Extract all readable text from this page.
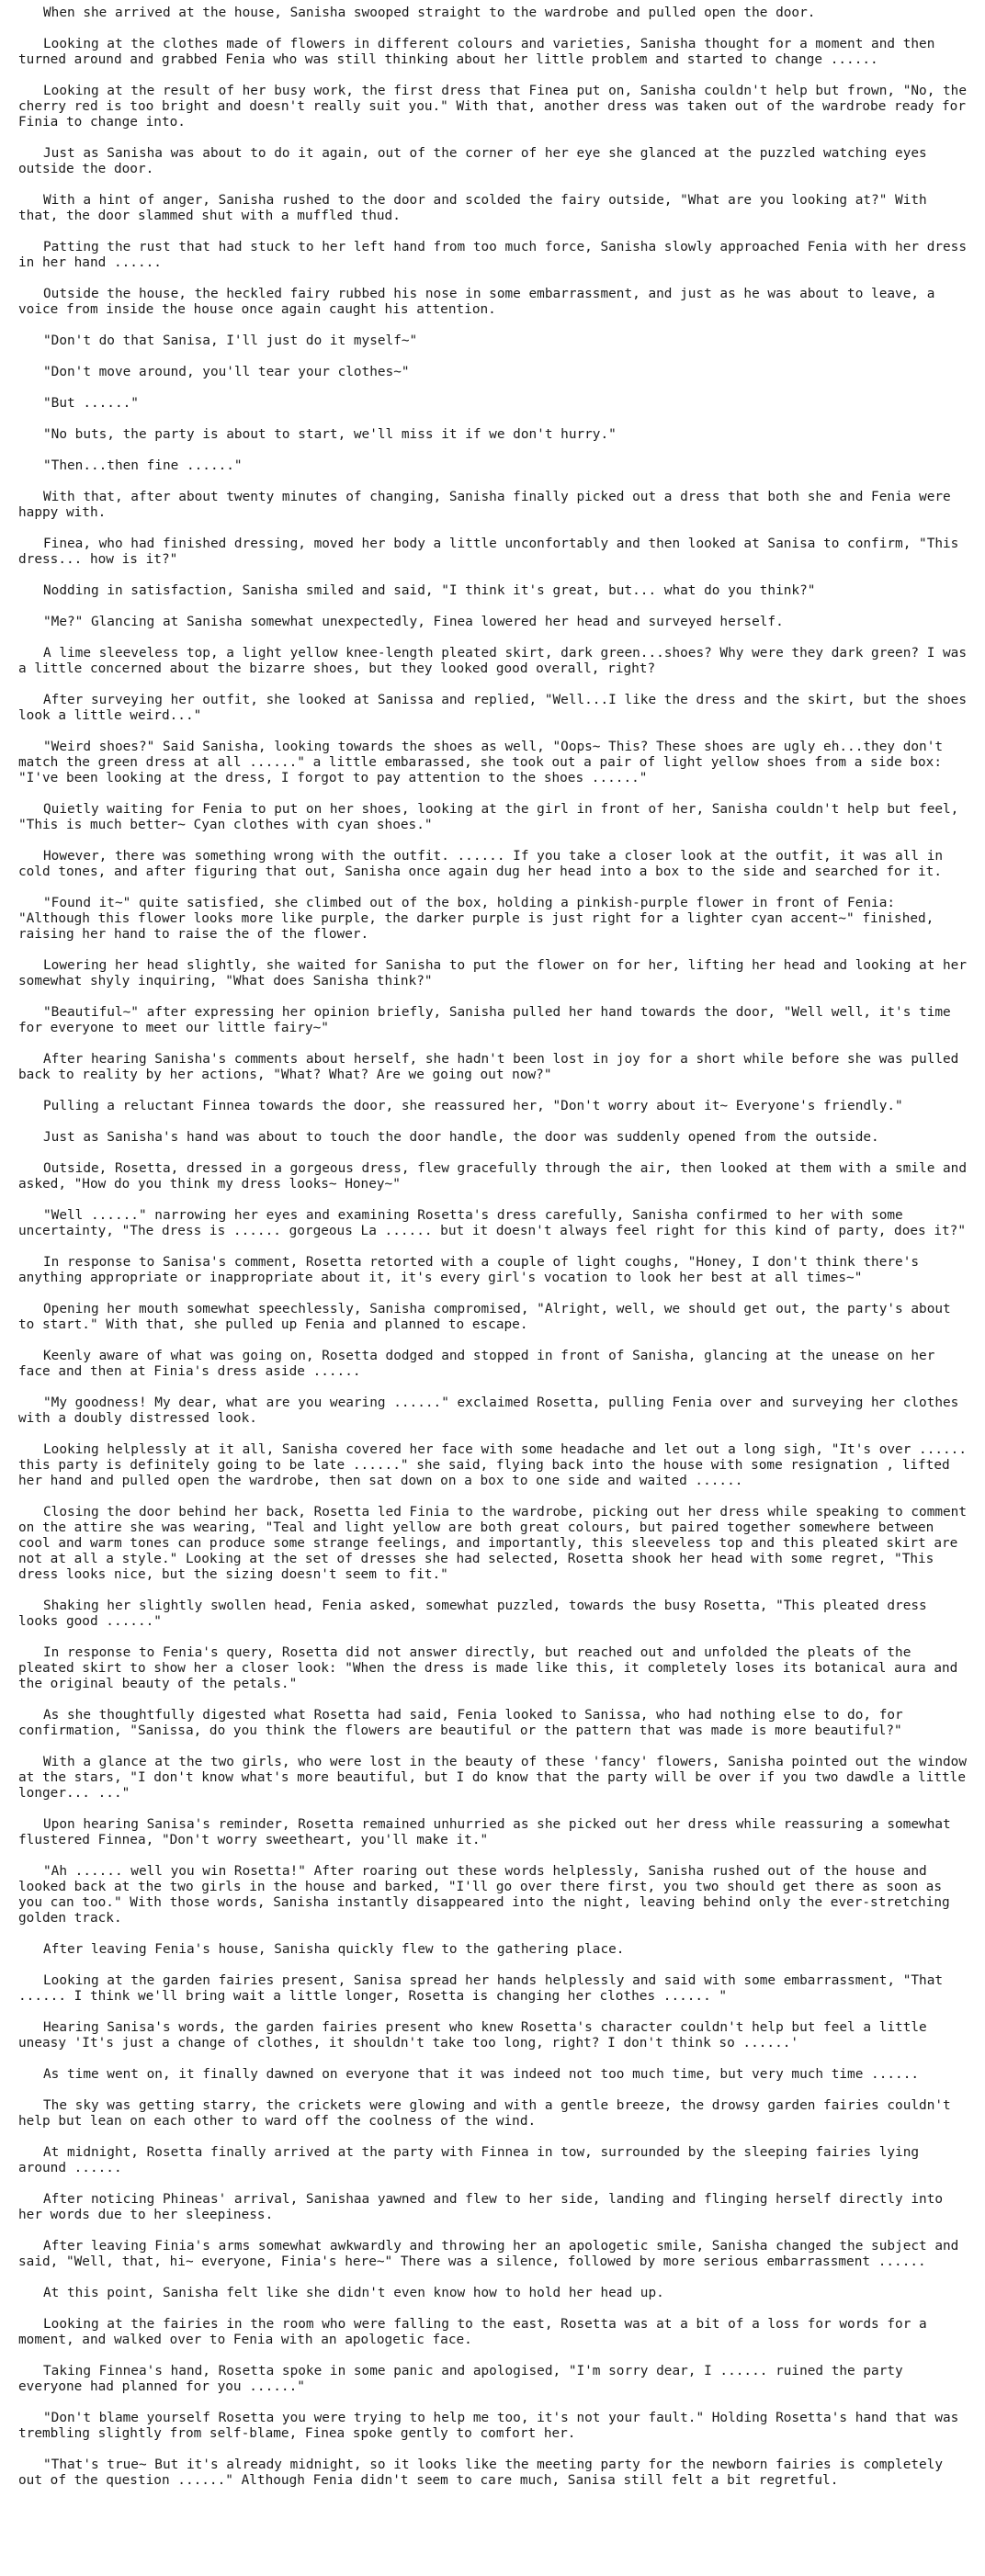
When she arrived at the house, Sanisha swooped straight to the wardrobe and pulled open the door.

Looking at the clothes made of flowers in different colours and varieties, Sanisha thought for a moment and then turned around and grabbed Fenia who was still thinking about her little problem and started to change ......

Looking at the result of her busy work, the first dress that Finea put on, Sanisha couldn't help but frown, "No, the cherry red is too bright and doesn't really suit you." With that, another dress was taken out of the wardrobe ready for Finia to change into.

Just as Sanisha was about to do it again, out of the corner of her eye she glanced at the puzzled watching eyes outside the door.

With a hint of anger, Sanisha rushed to the door and scolded the fairy outside, "What are you looking at?" With that, the door slammed shut with a muffled thud.

Patting the rust that had stuck to her left hand from too much force, Sanisha slowly approached Fenia with her dress in her hand ......

Outside the house, the heckled fairy rubbed his nose in some embarrassment, and just as he was about to leave, a voice from inside the house once again caught his attention.

"Don't do that Sanisa, I'll just do it myself~"

"Don't move around, you'll tear your clothes~"

"But ......"

"No buts, the party is about to start, we'll miss it if we don't hurry."

"Then...then fine ......"

With that, after about twenty minutes of changing, Sanisha finally picked out a dress that both she and Fenia were happy with.

Finea, who had finished dressing, moved her body a little unconfortably and then looked at Sanisa to confirm, "This dress... how is it?"

Nodding in satisfaction, Sanisha smiled and said, "I think it's great, but... what do you think?"

"Me?" Glancing at Sanisha somewhat unexpectedly, Finea lowered her head and surveyed herself.

A lime sleeveless top, a light yellow knee-length pleated skirt, dark green...shoes? Why were they dark green? I was a little concerned about the bizarre shoes, but they looked good overall, right?

After surveying her outfit, she looked at Sanissa and replied, "Well...I like the dress and the skirt, but the shoes look a little weird..."

"Weird shoes?" Said Sanisha, looking towards the shoes as well, "Oops~ This? These shoes are ugly eh...they don't match the green dress at all ......" a little embarassed, she took out a pair of light yellow shoes from a side box: "I've been looking at the dress, I forgot to pay attention to the shoes ......"

Quietly waiting for Fenia to put on her shoes, looking at the girl in front of her, Sanisha couldn't help but feel, "This is much better~ Cyan clothes with cyan shoes."

However, there was something wrong with the outfit. ...... If you take a closer look at the outfit, it was all in cold tones, and after figuring that out, Sanisha once again dug her head into a box to the side and searched for it.

"Found it~" quite satisfied, she climbed out of the box, holding a pinkish-purple flower in front of Fenia: "Although this flower looks more like purple, the darker purple is just right for a lighter cyan accent~" finished, raising her hand to raise the of the flower.

Lowering her head slightly, she waited for Sanisha to put the flower on for her, lifting her head and looking at her somewhat shyly inquiring, "What does Sanisha think?"

"Beautiful~" after expressing her opinion briefly, Sanisha pulled her hand towards the door, "Well well, it's time for everyone to meet our little fairy~"

After hearing Sanisha's comments about herself, she hadn't been lost in joy for a short while before she was pulled back to reality by her actions, "What? What? Are we going out now?"

Pulling a reluctant Finnea towards the door, she reassured her, "Don't worry about it~ Everyone's friendly."

Just as Sanisha's hand was about to touch the door handle, the door was suddenly opened from the outside.

Outside, Rosetta, dressed in a gorgeous dress, flew gracefully through the air, then looked at them with a smile and asked, "How do you think my dress looks~ Honey~"

"Well ......" narrowing her eyes and examining Rosetta's dress carefully, Sanisha confirmed to her with some uncertainty, "The dress is ...... gorgeous La ...... but it doesn't always feel right for this kind of party, does it?"

In response to Sanisa's comment, Rosetta retorted with a couple of light coughs, "Honey, I don't think there's anything appropriate or inappropriate about it, it's every girl's vocation to look her best at all times~"

Opening her mouth somewhat speechlessly, Sanisha compromised, "Alright, well, we should get out, the party's about to start." With that, she pulled up Fenia and planned to escape.

Keenly aware of what was going on, Rosetta dodged and stopped in front of Sanisha, glancing at the unease on her face and then at Finia's dress aside ......

"My goodness! My dear, what are you wearing ......" exclaimed Rosetta, pulling Fenia over and surveying her clothes with a doubly distressed look.

Looking helplessly at it all, Sanisha covered her face with some headache and let out a long sigh, "It's over ...... this party is definitely going to be late ......" she said, flying back into the house with some resignation , lifted her hand and pulled open the wardrobe, then sat down on a box to one side and waited ......

Closing the door behind her back, Rosetta led Finia to the wardrobe, picking out her dress while speaking to comment on the attire she was wearing, "Teal and light yellow are both great colours, but paired together somewhere between cool and warm tones can produce some strange feelings, and importantly, this sleeveless top and this pleated skirt are not at all a style." Looking at the set of dresses she had selected, Rosetta shook her head with some regret, "This dress looks nice, but the sizing doesn't seem to fit."

Shaking her slightly swollen head, Fenia asked, somewhat puzzled, towards the busy Rosetta, "This pleated dress looks good ......"

In response to Fenia's query, Rosetta did not answer directly, but reached out and unfolded the pleats of the pleated skirt to show her a closer look: "When the dress is made like this, it completely loses its botanical aura and the original beauty of the petals."

As she thoughtfully digested what Rosetta had said, Fenia looked to Sanissa, who had nothing else to do, for confirmation, "Sanissa, do you think the flowers are beautiful or the pattern that was made is more beautiful?"

With a glance at the two girls, who were lost in the beauty of these 'fancy' flowers, Sanisha pointed out the window at the stars, "I don't know what's more beautiful, but I do know that the party will be over if you two dawdle a little longer... ..."

Upon hearing Sanisa's reminder, Rosetta remained unhurried as she picked out her dress while reassuring a somewhat flustered Finnea, "Don't worry sweetheart, you'll make it."

"Ah ...... well you win Rosetta!" After roaring out these words helplessly, Sanisha rushed out of the house and looked back at the two girls in the house and barked, "I'll go over there first, you two should get there as soon as you can too." With those words, Sanisha instantly disappeared into the night, leaving behind only the ever-stretching golden track.

After leaving Fenia's house, Sanisha quickly flew to the gathering place.

Looking at the garden fairies present, Sanisa spread her hands helplessly and said with some embarrassment, "That ...... I think we'll bring wait a little longer, Rosetta is changing her clothes ...... "

Hearing Sanisa's words, the garden fairies present who knew Rosetta's character couldn't help but feel a little uneasy 'It's just a change of clothes, it shouldn't take too long, right? I don't think so ......'

As time went on, it finally dawned on everyone that it was indeed not too much time, but very much time ......

The sky was getting starry, the crickets were glowing and with a gentle breeze, the drowsy garden fairies couldn't help but lean on each other to ward off the coolness of the wind.

At midnight, Rosetta finally arrived at the party with Finnea in tow, surrounded by the sleeping fairies lying around ......

After noticing Phineas' arrival, Sanishaa yawned and flew to her side, landing and flinging herself directly into her words due to her sleepiness.

After leaving Finia's arms somewhat awkwardly and throwing her an apologetic smile, Sanisha changed the subject and said, "Well, that, hi~ everyone, Finia's here~" There was a silence, followed by more serious embarrassment ......

At this point, Sanisha felt like she didn't even know how to hold her head up.

Looking at the fairies in the room who were falling to the east, Rosetta was at a bit of a loss for words for a moment, and walked over to Fenia with an apologetic face.

Taking Finnea's hand, Rosetta spoke in some panic and apologised, "I'm sorry dear, I ...... ruined the party everyone had planned for you ......"

"Don't blame yourself Rosetta you were trying to help me too, it's not your fault." Holding Rosetta's hand that was trembling slightly from self-blame, Finea spoke gently to comfort her.

"That's true~ But it's already midnight, so it looks like the meeting party for the newborn fairies is completely out of the question ......" Although Fenia didn't seem to care much, Sanisa still felt a bit regretful.
